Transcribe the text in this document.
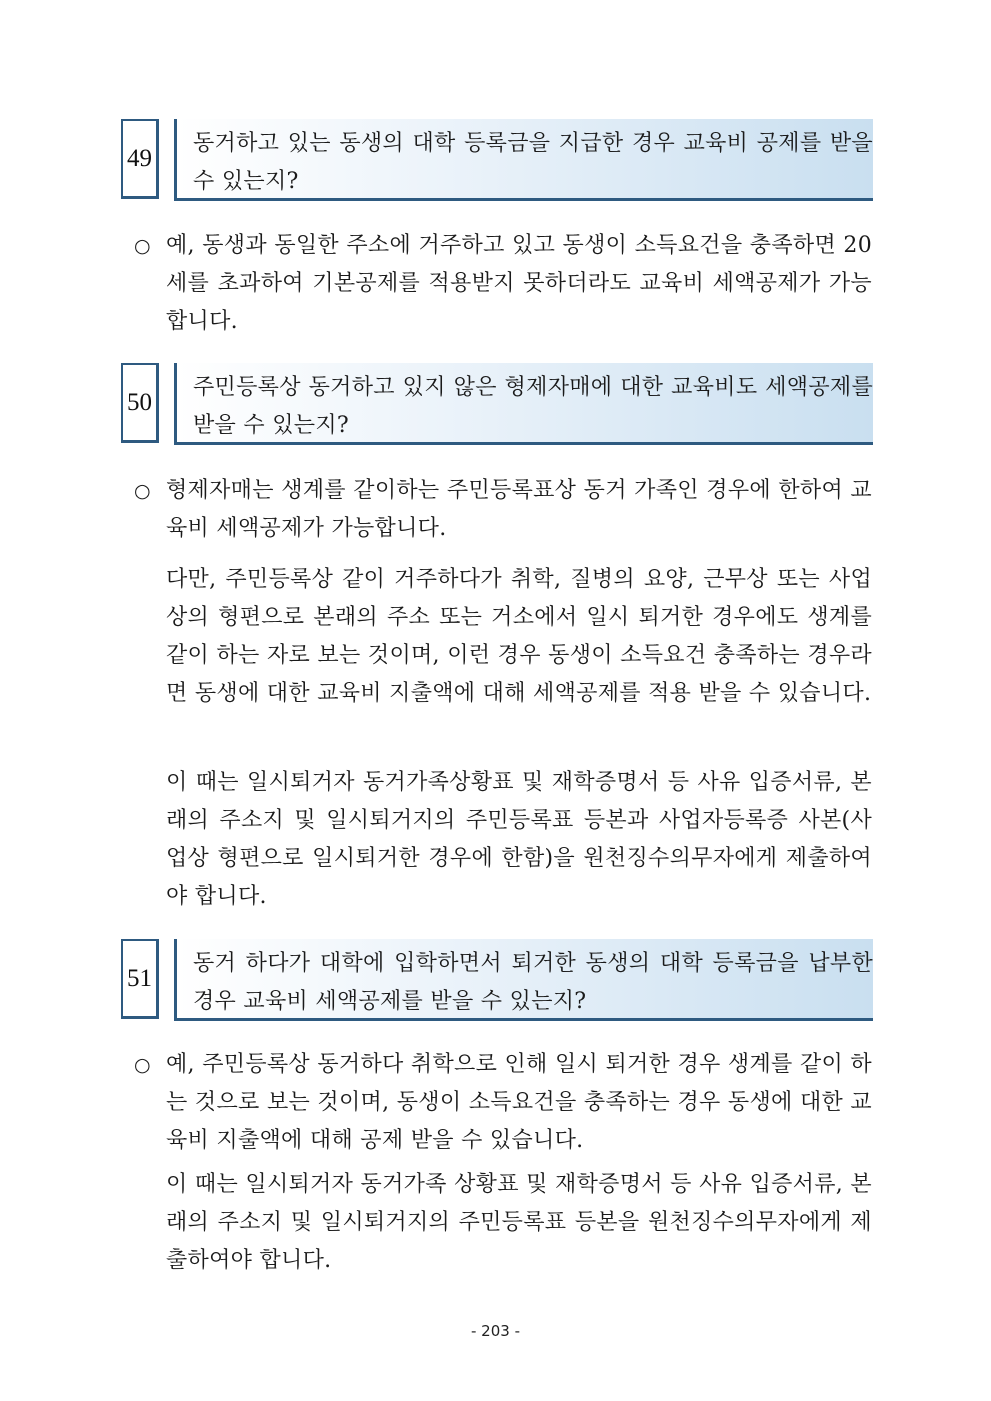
49
동거하고 있는 동생의 대학 등록금을 지급한 경우 교육비 공제를 받을 수 있는지?
○ 예, 동생과 동일한 주소에 거주하고 있고 동생이 소득요건을 충족하면 20세를 초과하여 기본공제를 적용받지 못하더라도 교육비 세액공제가 가능합니다.
50
주민등록상 동거하고 있지 않은 형제자매에 대한 교육비도 세액공제를 받을 수 있는지?
○ 형제자매는 생계를 같이하는 주민등록표상 동거 가족인 경우에 한하여 교육비 세액공제가 가능합니다.
다만, 주민등록상 같이 거주하다가 취학, 질병의 요양, 근무상 또는 사업상의 형편으로 본래의 주소 또는 거소에서 일시 퇴거한 경우에도 생계를 같이 하는 자로 보는 것이며, 이런 경우 동생이 소득요건 충족하는 경우라면 동생에 대한 교육비 지출액에 대해 세액공제를 적용 받을 수 있습니다.
이 때는 일시퇴거자 동거가족상황표 및 재학증명서 등 사유 입증서류, 본래의 주소지 및 일시퇴거지의 주민등록표 등본과 사업자등록증 사본(사업상 형편으로 일시퇴거한 경우에 한함)을 원천징수의무자에게 제출하여야 합니다.
51
동거 하다가 대학에 입학하면서 퇴거한 동생의 대학 등록금을 납부한 경우 교육비 세액공제를 받을 수 있는지?
○ 예, 주민등록상 동거하다 취학으로 인해 일시 퇴거한 경우 생계를 같이 하는 것으로 보는 것이며, 동생이 소득요건을 충족하는 경우 동생에 대한 교육비 지출액에 대해 공제 받을 수 있습니다.
이 때는 일시퇴거자 동거가족 상황표 및 재학증명서 등 사유 입증서류, 본래의 주소지 및 일시퇴거지의 주민등록표 등본을 원천징수의무자에게 제출하여야 합니다.
- 203 -
